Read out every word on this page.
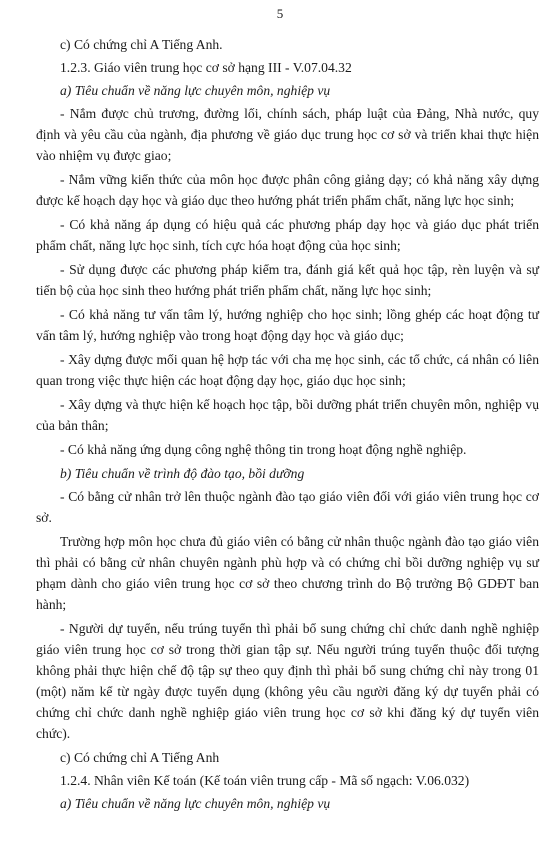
5

c) Có chứng chỉ A Tiếng Anh.

1.2.3. Giáo viên trung học cơ sở hạng III - V.07.04.32

a) Tiêu chuẩn về năng lực chuyên môn, nghiệp vụ

- Nắm được chủ trương, đường lối, chính sách, pháp luật của Đảng, Nhà nước, quy định và yêu cầu của ngành, địa phương về giáo dục trung học cơ sở và triển khai thực hiện vào nhiệm vụ được giao;

- Nắm vững kiến thức của môn học được phân công giảng dạy; có khả năng xây dựng được kế hoạch dạy học và giáo dục theo hướng phát triển phẩm chất, năng lực học sinh;

- Có khả năng áp dụng có hiệu quả các phương pháp dạy học và giáo dục phát triển phẩm chất, năng lực học sinh, tích cực hóa hoạt động của học sinh;

- Sử dụng được các phương pháp kiểm tra, đánh giá kết quả học tập, rèn luyện và sự tiến bộ của học sinh theo hướng phát triển phẩm chất, năng lực học sinh;

- Có khả năng tư vấn tâm lý, hướng nghiệp cho học sinh; lồng ghép các hoạt động tư vấn tâm lý, hướng nghiệp vào trong hoạt động dạy học và giáo dục;

- Xây dựng được mối quan hệ hợp tác với cha mẹ học sinh, các tổ chức, cá nhân có liên quan trong việc thực hiện các hoạt động dạy học, giáo dục học sinh;

- Xây dựng và thực hiện kế hoạch học tập, bồi dưỡng phát triển chuyên môn, nghiệp vụ của bản thân;

- Có khả năng ứng dụng công nghệ thông tin trong hoạt động nghề nghiệp.

b) Tiêu chuẩn về trình độ đào tạo, bồi dưỡng

- Có bằng cử nhân trở lên thuộc ngành đào tạo giáo viên đối với giáo viên trung học cơ sở.

Trường hợp môn học chưa đủ giáo viên có bằng cử nhân thuộc ngành đào tạo giáo viên thì phải có bằng cử nhân chuyên ngành phù hợp và có chứng chỉ bồi dưỡng nghiệp vụ sư phạm dành cho giáo viên trung học cơ sở theo chương trình do Bộ trưởng Bộ GDĐT ban hành;

- Người dự tuyển, nếu trúng tuyển thì phải bổ sung chứng chỉ chức danh nghề nghiệp giáo viên trung học cơ sở trong thời gian tập sự. Nếu người trúng tuyển thuộc đối tượng không phải thực hiện chế độ tập sự theo quy định thì phải bổ sung chứng chỉ này trong 01 (một) năm kể từ ngày được tuyển dụng (không yêu cầu người đăng ký dự tuyển phải có chứng chỉ chức danh nghề nghiệp giáo viên trung học cơ sở khi đăng ký dự tuyển viên chức).

c) Có chứng chỉ A Tiếng Anh

1.2.4. Nhân viên Kế toán (Kế toán viên trung cấp - Mã số ngạch: V.06.032)

a) Tiêu chuẩn về năng lực chuyên môn, nghiệp vụ
